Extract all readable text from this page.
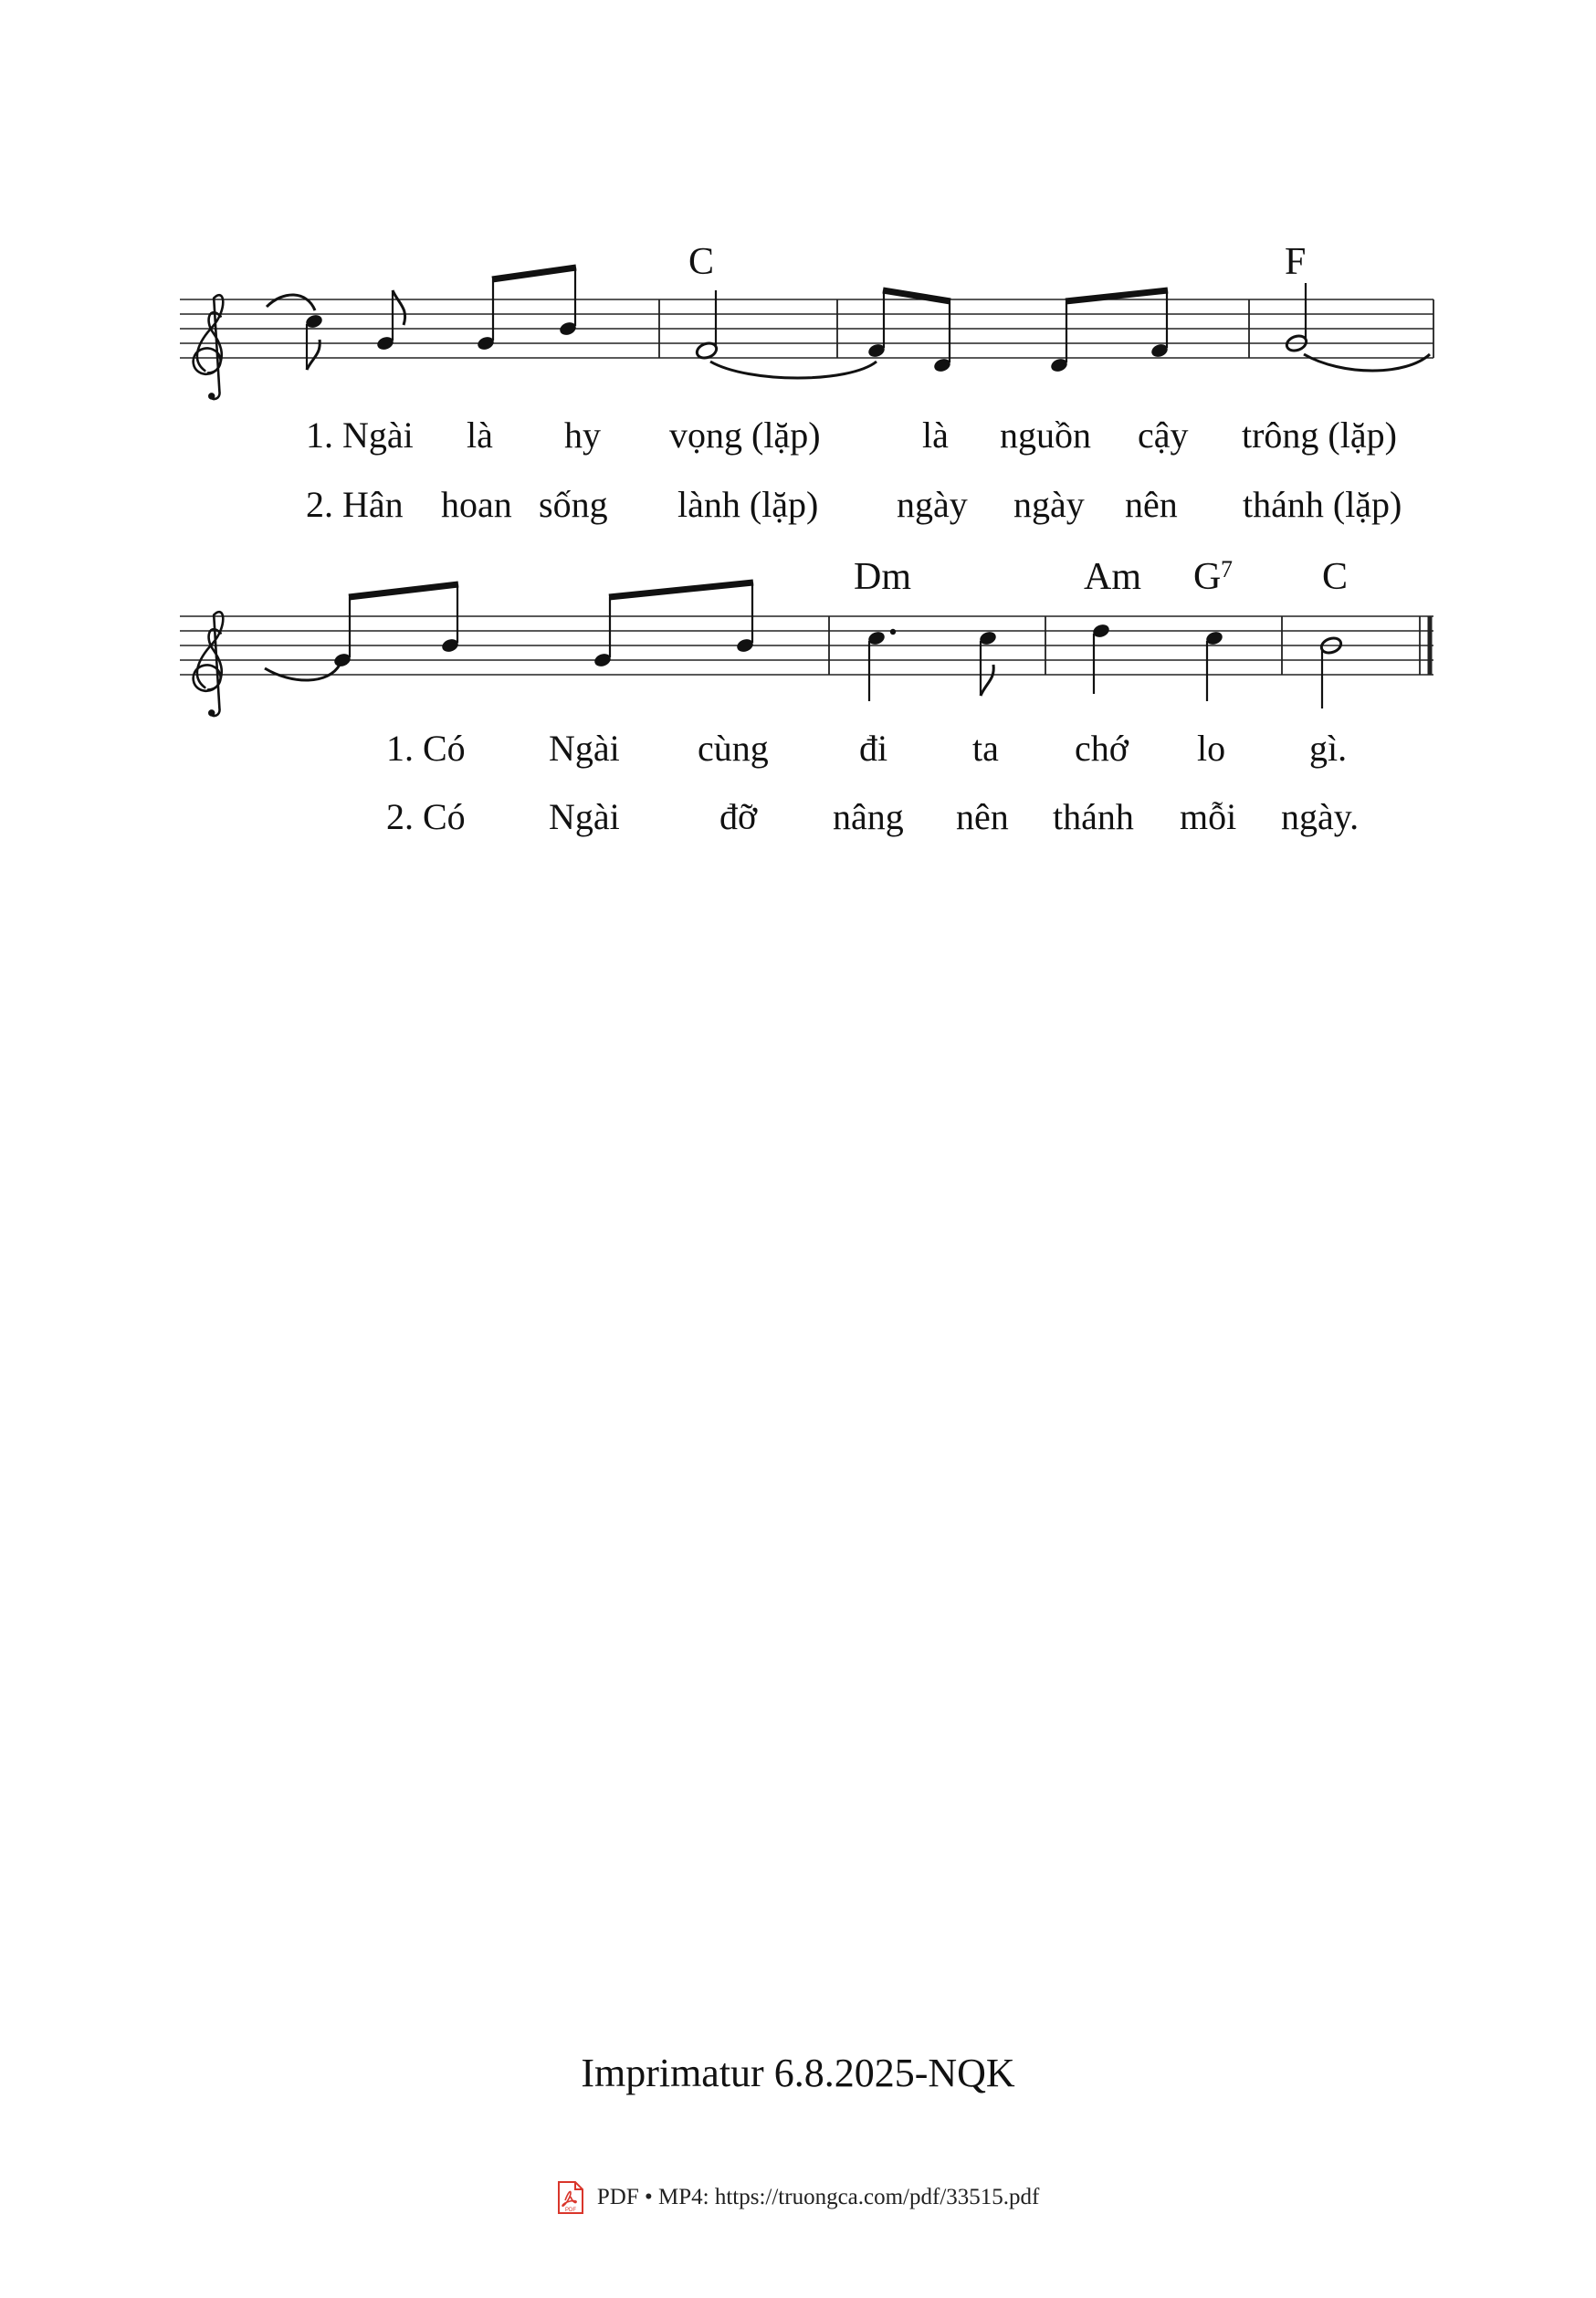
C	F
1. Ngài là hy vọng (lặp)	là nguồn cậy trông (lặp)
2. Hân hoan sống lành (lặp) ngày ngày nên thánh (lặp)
Dm	Am G 7 C
1. Có Ngài cùng đi ta chớ lo gì.
2. Có Ngài	đỡ nâng nên thánh mỗi ngày.
Imprimatur 6.8.2025-NQK
PDF
PDF • MP4: https://truongca.com/pdf/33515.pdf
